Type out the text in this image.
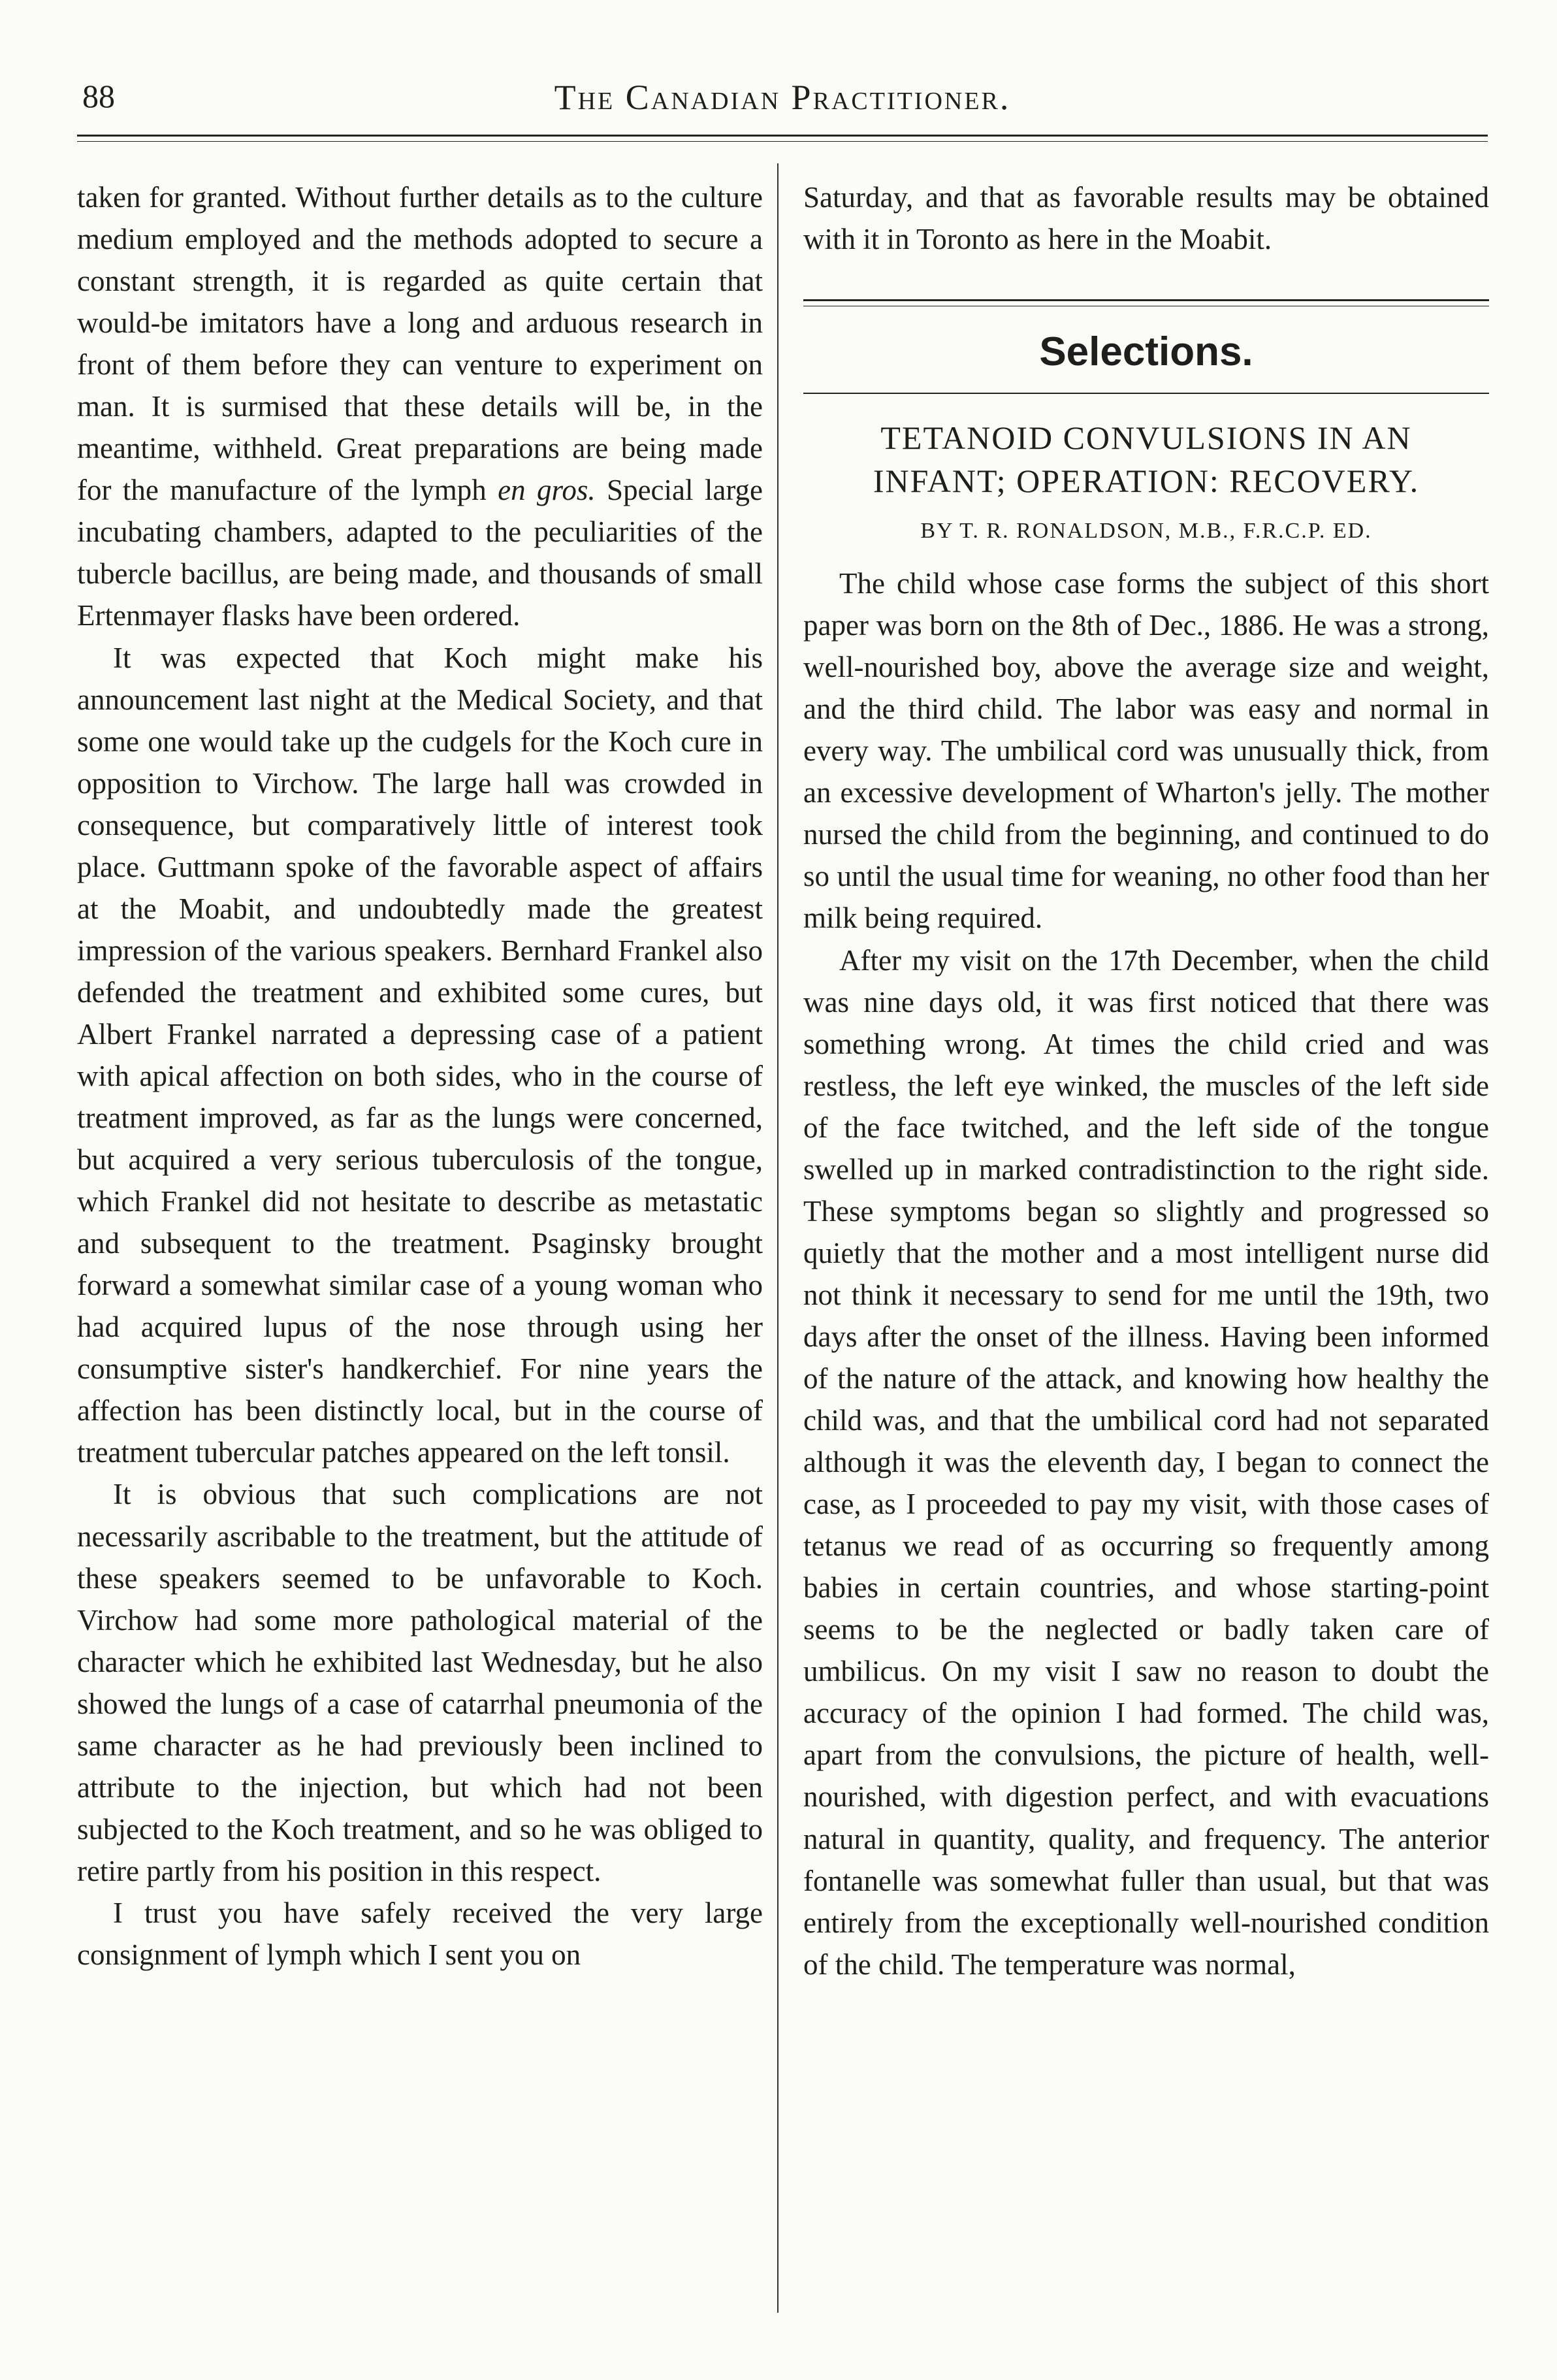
88	The Canadian Practitioner.

taken for granted. Without further details as to the culture medium employed and the methods adopted to secure a constant strength, it is regarded as quite certain that would-be imitators have a long and arduous research in front of them before they can venture to experiment on man. It is surmised that these details will be, in the meantime, withheld. Great preparations are being made for the manufacture of the lymph en gros. Special large incubating chambers, adapted to the peculiarities of the tubercle bacillus, are being made, and thousands of small Ertenmayer flasks have been ordered.

It was expected that Koch might make his announcement last night at the Medical Society, and that some one would take up the cudgels for the Koch cure in opposition to Virchow. The large hall was crowded in consequence, but comparatively little of interest took place. Guttmann spoke of the favorable aspect of affairs at the Moabit, and undoubtedly made the greatest impression of the various speakers. Bernhard Frankel also defended the treatment and exhibited some cures, but Albert Frankel narrated a depressing case of a patient with apical affection on both sides, who in the course of treatment improved, as far as the lungs were concerned, but acquired a very serious tuberculosis of the tongue, which Frankel did not hesitate to describe as metastatic and subsequent to the treatment. Psaginsky brought forward a somewhat similar case of a young woman who had acquired lupus of the nose through using her consumptive sister's handkerchief. For nine years the affection has been distinctly local, but in the course of treatment tubercular patches appeared on the left tonsil.

It is obvious that such complications are not necessarily ascribable to the treatment, but the attitude of these speakers seemed to be unfavorable to Koch. Virchow had some more pathological material of the character which he exhibited last Wednesday, but he also showed the lungs of a case of catarrhal pneumonia of the same character as he had previously been inclined to attribute to the injection, but which had not been subjected to the Koch treatment, and so he was obliged to retire partly from his position in this respect.

I trust you have safely received the very large consignment of lymph which I sent you on

Saturday, and that as favorable results may be obtained with it in Toronto as here in the Moabit.

Selections.
TETANOID CONVULSIONS IN AN INFANT; OPERATION: RECOVERY.
BY T. R. RONALDSON, M.B., F.R.C.P. ED.

The child whose case forms the subject of this short paper was born on the 8th of Dec., 1886. He was a strong, well-nourished boy, above the average size and weight, and the third child. The labor was easy and normal in every way. The umbilical cord was unusually thick, from an excessive development of Wharton's jelly. The mother nursed the child from the beginning, and continued to do so until the usual time for weaning, no other food than her milk being required.

After my visit on the 17th December, when the child was nine days old, it was first noticed that there was something wrong. At times the child cried and was restless, the left eye winked, the muscles of the left side of the face twitched, and the left side of the tongue swelled up in marked contradistinction to the right side. These symptoms began so slightly and progressed so quietly that the mother and a most intelligent nurse did not think it necessary to send for me until the 19th, two days after the onset of the illness. Having been informed of the nature of the attack, and knowing how healthy the child was, and that the umbilical cord had not separated although it was the eleventh day, I began to connect the case, as I proceeded to pay my visit, with those cases of tetanus we read of as occurring so frequently among babies in certain countries, and whose starting-point seems to be the neglected or badly taken care of umbilicus. On my visit I saw no reason to doubt the accuracy of the opinion I had formed. The child was, apart from the convulsions, the picture of health, well-nourished, with digestion perfect, and with evacuations natural in quantity, quality, and frequency. The anterior fontanelle was somewhat fuller than usual, but that was entirely from the exceptionally well-nourished condition of the child. The temperature was normal,
